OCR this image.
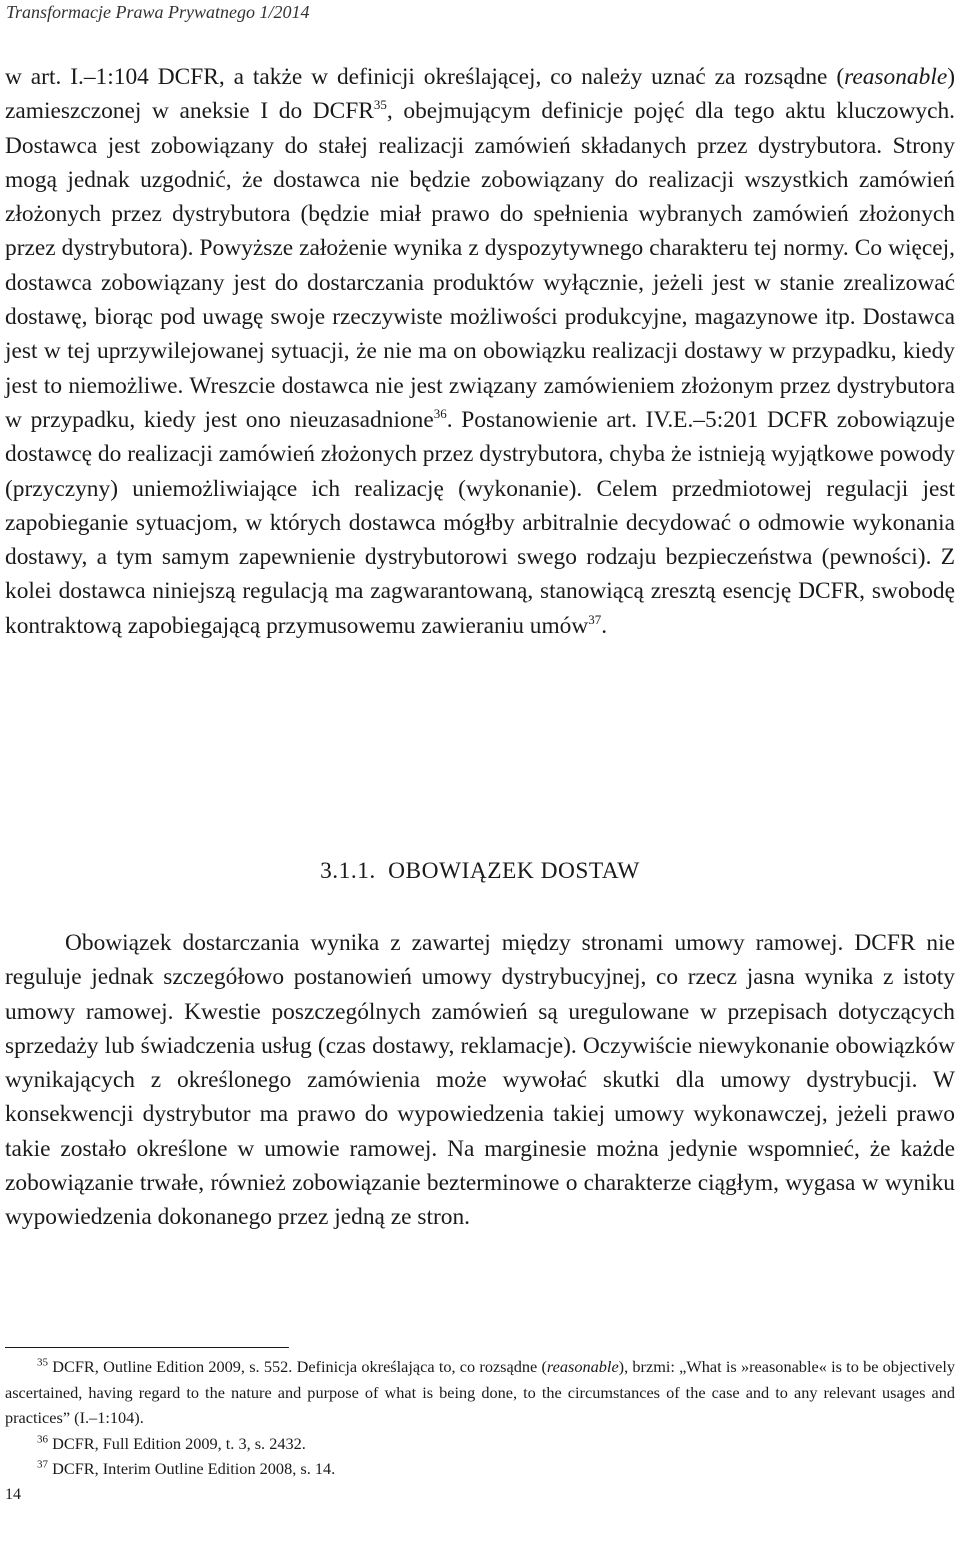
Transformacje Prawa Prywatnego 1/2014

w art. I.–1:104 DCFR, a także w definicji określającej, co należy uznać za rozsądne (reasonable) zamieszczonej w aneksie I do DCFR$^{35}$, obejmującym definicje pojęć dla tego aktu kluczowych. Dostawca jest zobowiązany do stałej realizacji zamówień składanych przez dystrybutora. Strony mogą jednak uzgodnić, że dostawca nie będzie zobowiązany do realizacji wszystkich zamówień złożonych przez dystrybutora (będzie miał prawo do spełnienia wybranych zamówień złożonych przez dystrybutora). Powyższe założenie wynika z dyspozytywnego charakteru tej normy. Co więcej, dostawca zobowiązany jest do dostarczania produktów wyłącznie, jeżeli jest w stanie zrealizować dostawę, biorąc pod uwagę swoje rzeczywiste możliwości produkcyjne, magazynowe itp. Dostawca jest w tej uprzywilejowanej sytuacji, że nie ma on obowiązku realizacji dostawy w przypadku, kiedy jest to niemożliwe. Wreszcie dostawca nie jest związany zamówieniem złożonym przez dystrybutora w przypadku, kiedy jest ono nieuzasadnione$^{36}$. Postanowienie art. IV.E.–5:201 DCFR zobowiązuje dostawcę do realizacji zamówień złożonych przez dystrybutora, chyba że istnieją wyjątkowe powody (przyczyny) uniemożliwiające ich realizację (wykonanie). Celem przedmiotowej regulacji jest zapobieganie sytuacjom, w których dostawca mógłby arbitralnie decydować o odmowie wykonania dostawy, a tym samym zapewnienie dystrybutorowi swego rodzaju bezpieczeństwa (pewności). Z kolei dostawca niniejszą regulacją ma zagwarantowaną, stanowiącą zresztą esencję DCFR, swobodę kontraktową zapobiegającą przymusowemu zawieraniu umów$^{37}$.

3.1.1. OBOWIĄZEK DOSTAW

Obowiązek dostarczania wynika z zawartej między stronami umowy ramowej. DCFR nie reguluje jednak szczegółowo postanowień umowy dystrybucyjnej, co rzecz jasna wynika z istoty umowy ramowej. Kwestie poszczególnych zamówień są uregulowane w przepisach dotyczących sprzedaży lub świadczenia usług (czas dostawy, reklamacje). Oczywiście niewykonanie obowiązków wynikających z określonego zamówienia może wywołać skutki dla umowy dystrybucji. W konsekwencji dystrybutor ma prawo do wypowiedzenia takiej umowy wykonawczej, jeżeli prawo takie zostało określone w umowie ramowej. Na marginesie można jedynie wspomnieć, że każde zobowiązanie trwałe, również zobowiązanie bezterminowe o charakterze ciągłym, wygasa w wyniku wypowiedzenia dokonanego przez jedną ze stron.

$^{35}$ DCFR, Outline Edition 2009, s. 552. Definicja określająca to, co rozsądne (reasonable), brzmi: „What is »reasonable« is to be objectively ascertained, having regard to the nature and purpose of what is being done, to the circumstances of the case and to any relevant usages and practices” (I.–1:104).

$^{36}$ DCFR, Full Edition 2009, t. 3, s. 2432.

$^{37}$ DCFR, Interim Outline Edition 2008, s. 14.

14
